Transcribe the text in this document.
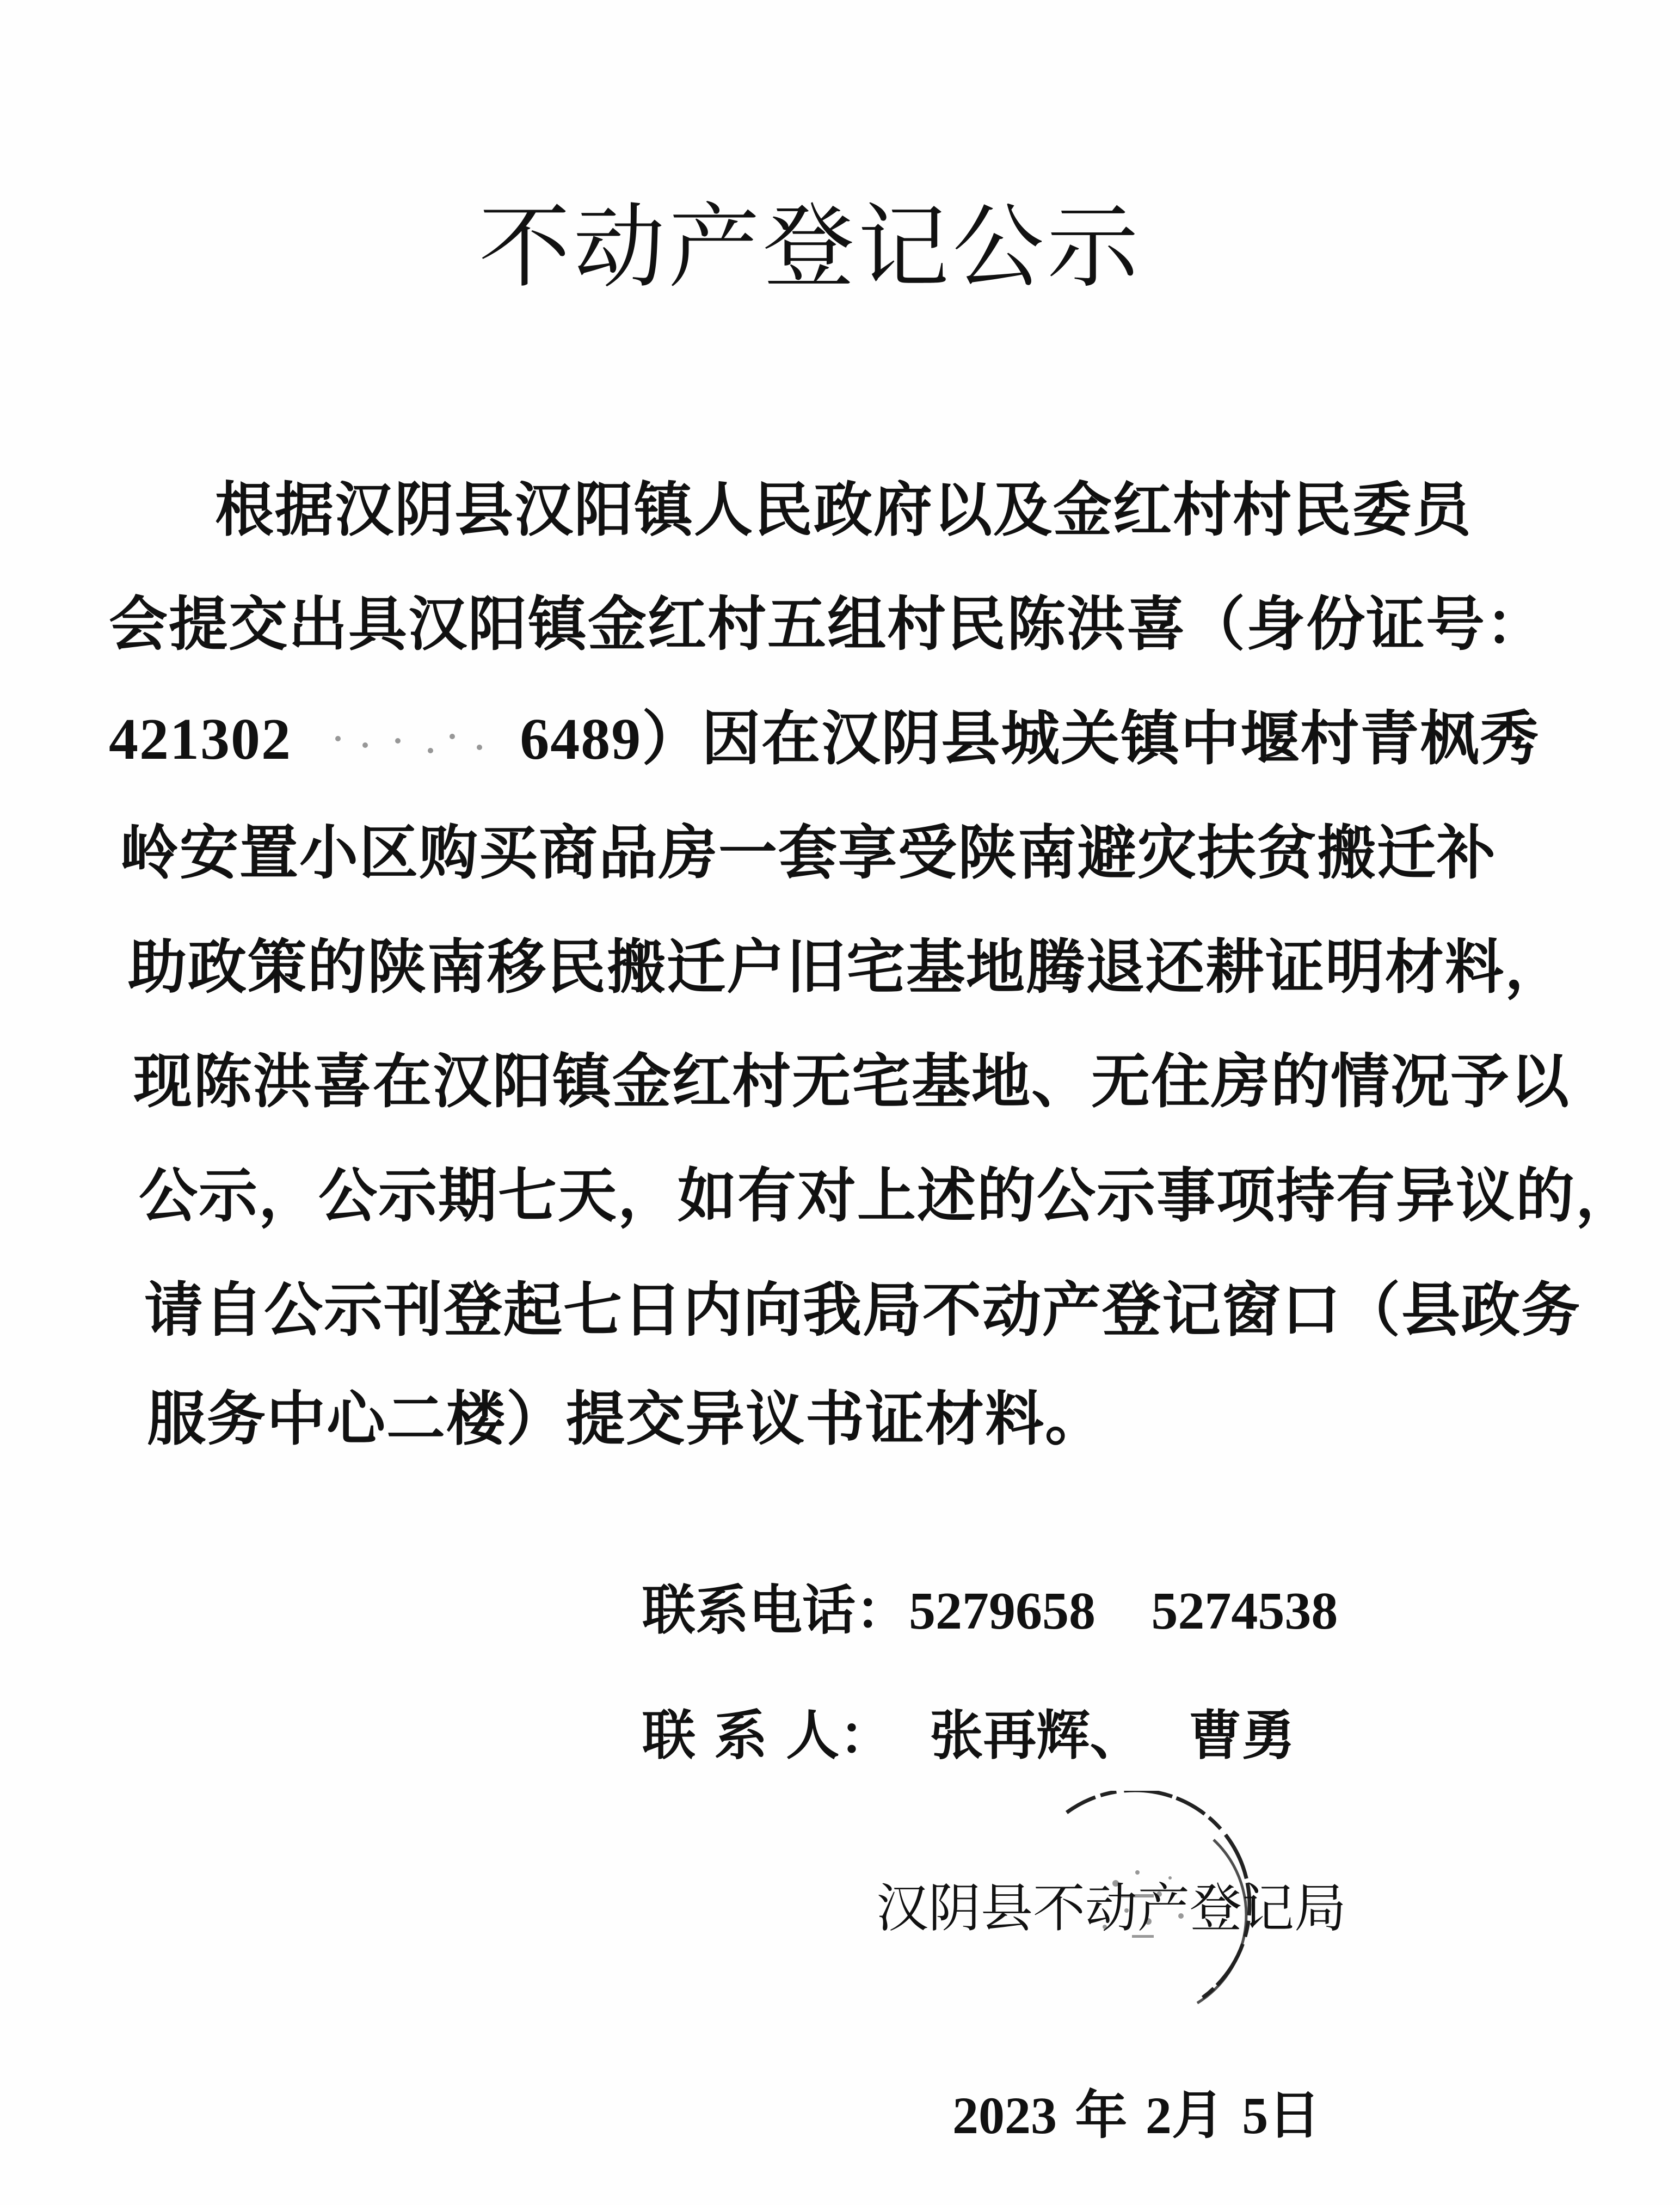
不动产登记公示
根据汉阴县汉阳镇人民政府以及金红村村民委员
会提交出具汉阳镇金红村五组村民陈洪喜（身份证号：
421302	6489）因在汉阴县城关镇中堰村青枫秀
岭安置小区购买商品房一套享受陕南避灾扶贫搬迁补
助政策的陕南移民搬迁户旧宅基地腾退还耕证明材料，
现陈洪喜在汉阳镇金红村无宅基地、无住房的情况予以
公示，公示期七天，如有对上述的公示事项持有异议的，
请自公示刊登起七日内向我局不动产登记窗口（县政务
服务中心二楼）提交异议书证材料。
联系电话：5279658 5274538
联 系 人： 张再辉、　 曹勇
汉阴县不动产登记局
2023 年 2月 5日
